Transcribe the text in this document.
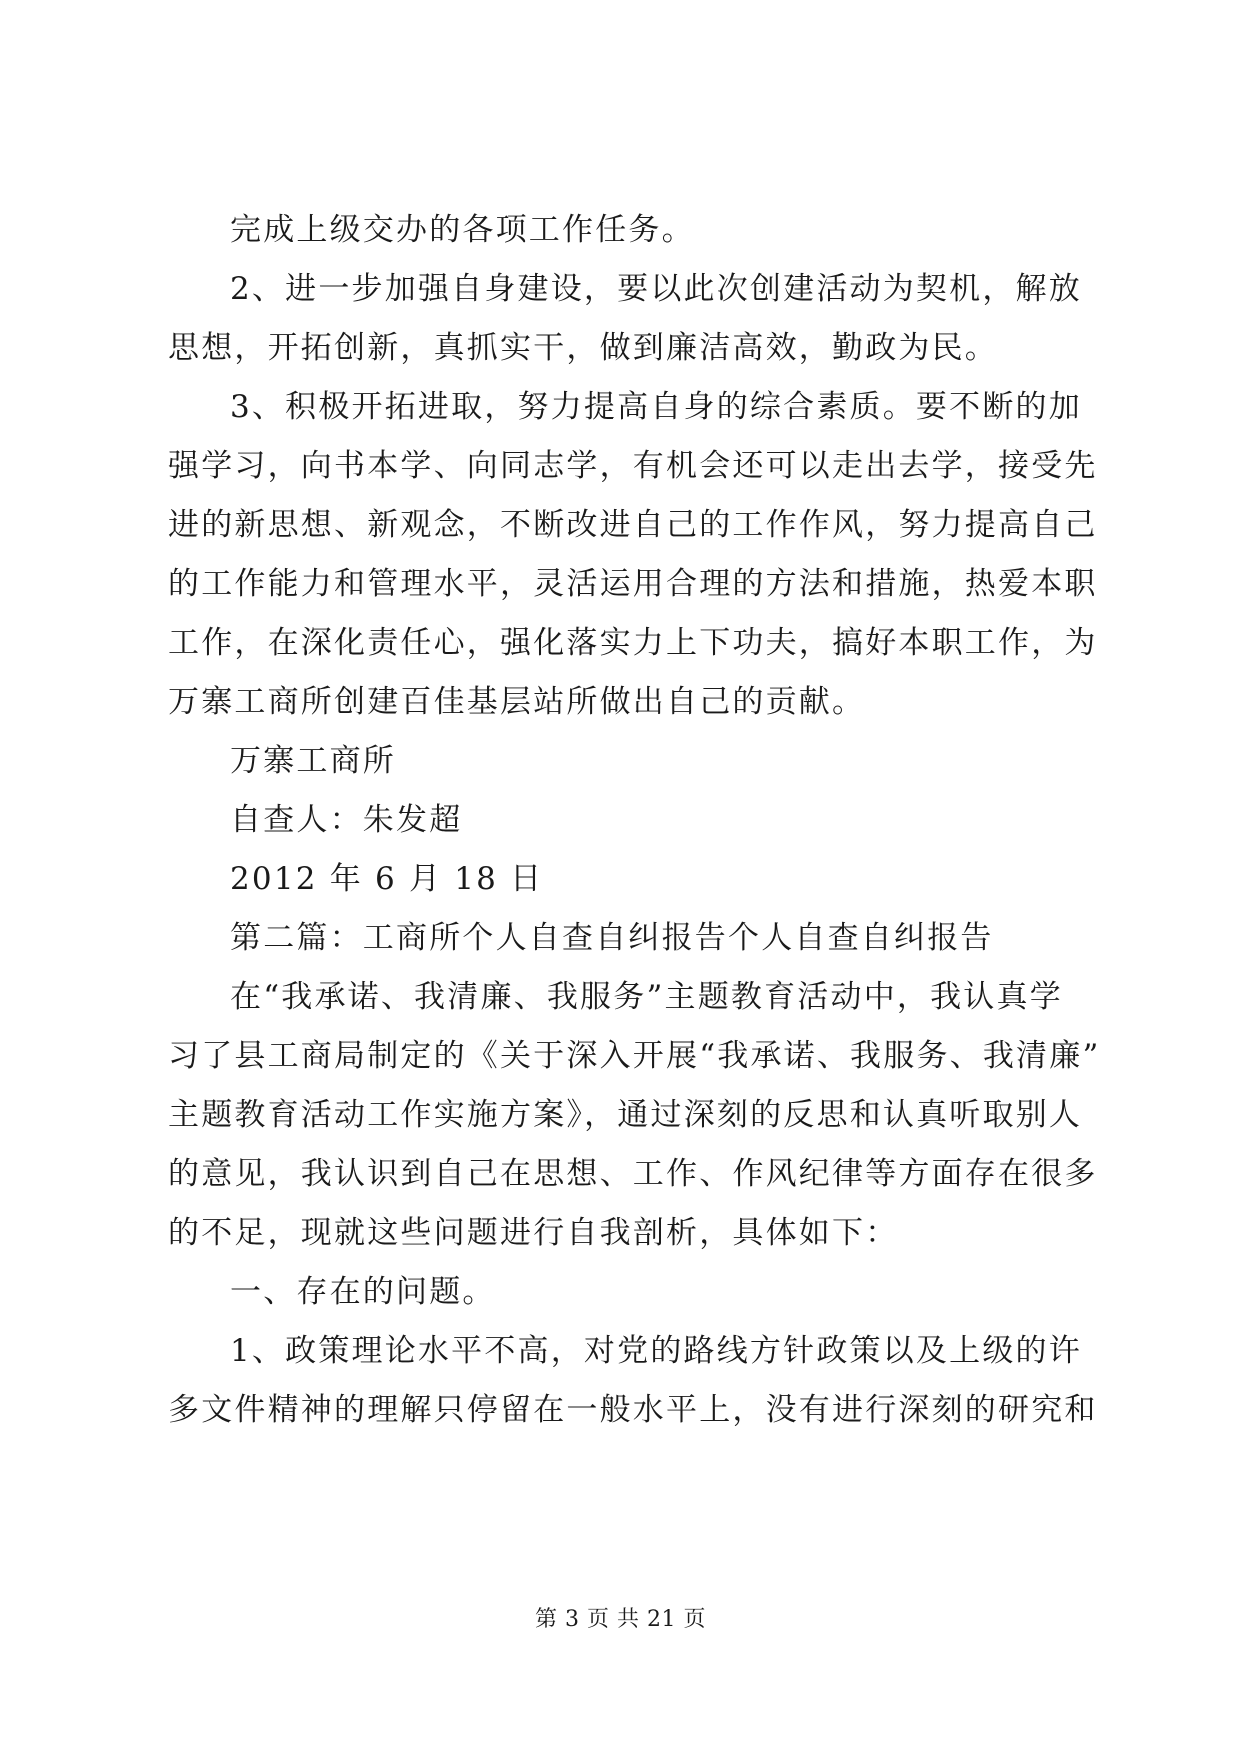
完成上级交办的各项工作任务。
2、进一步加强自身建设，要以此次创建活动为契机，解放
思想，开拓创新，真抓实干，做到廉洁高效，勤政为民。
3、积极开拓进取，努力提高自身的综合素质。要不断的加
强学习，向书本学、向同志学，有机会还可以走出去学，接受先
进的新思想、新观念，不断改进自己的工作作风，努力提高自己
的工作能力和管理水平，灵活运用合理的方法和措施，热爱本职
工作，在深化责任心，强化落实力上下功夫，搞好本职工作，为
万寨工商所创建百佳基层站所做出自己的贡献。
万寨工商所
自查人：朱发超
2012 年 6 月 18 日
第二篇：工商所个人自查自纠报告个人自查自纠报告
在“我承诺、我清廉、我服务”主题教育活动中，我认真学
习了县工商局制定的《关于深入开展“我承诺、我服务、我清廉”
主题教育活动工作实施方案》，通过深刻的反思和认真听取别人
的意见，我认识到自己在思想、工作、作风纪律等方面存在很多
的不足，现就这些问题进行自我剖析，具体如下：
一、存在的问题。
1、政策理论水平不高，对党的路线方针政策以及上级的许
多文件精神的理解只停留在一般水平上，没有进行深刻的研究和
第 3 页 共 21 页
